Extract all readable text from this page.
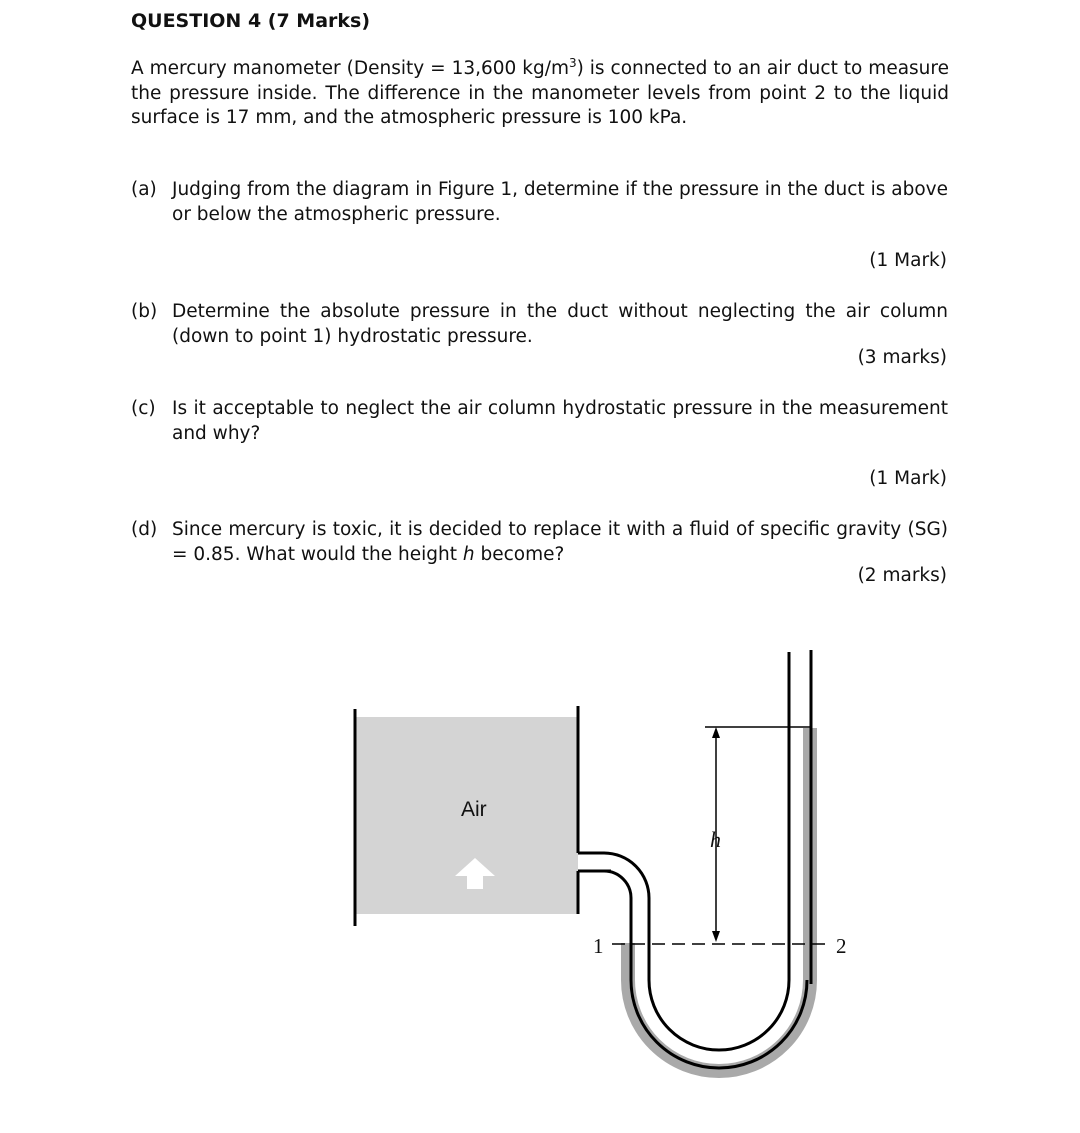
QUESTION 4 (7 Marks)
A mercury manometer (Density = 13,600 $kg/m^3$) is connected to an air duct to measure the pressure inside. The difference in the manometer levels from point 2 to the liquid surface is 17 mm, and the atmospheric pressure is 100 kPa.
(a) Judging from the diagram in Figure 1, determine if the pressure in the duct is above or below the atmospheric pressure.
(1 Mark)
(b) Determine the absolute pressure in the duct without neglecting the air column (down to point 1) hydrostatic pressure.
(3 marks)
(c) Is it acceptable to neglect the air column hydrostatic pressure in the measurement and why?
(1 Mark)
(d) Since mercury is toxic, it is decided to replace it with a fluid of specific gravity (SG) = 0.85. What would the height h become?
(2 marks)
Air
h
1	2
